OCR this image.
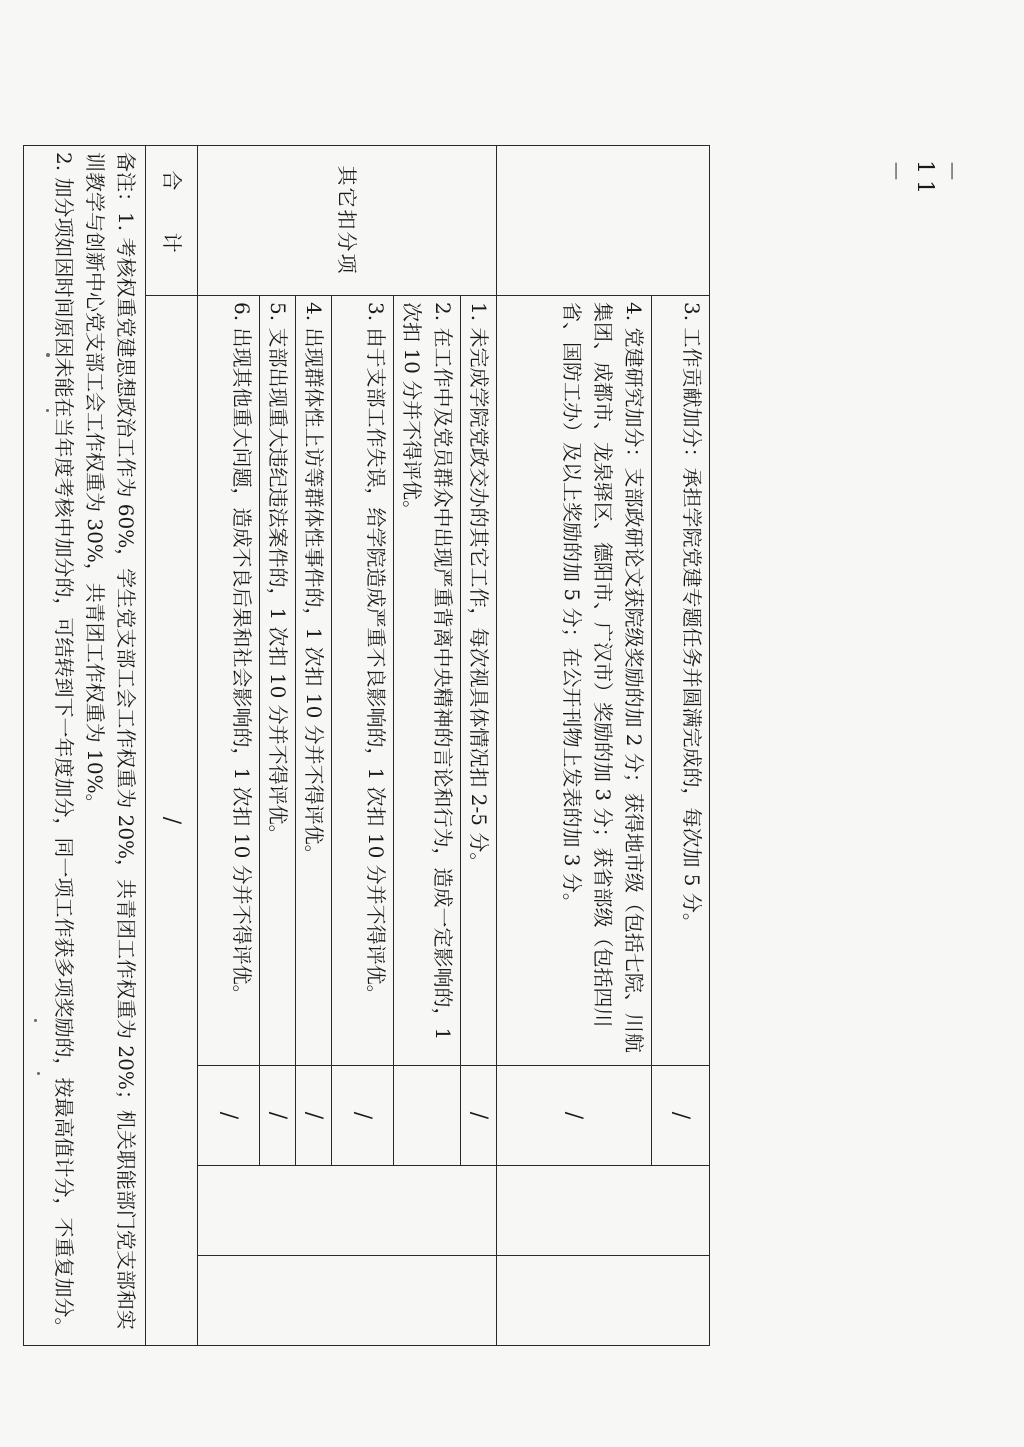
－ 11 －
	3. 工作贡献加分：承担学院党建专题任务并圆满完成的，每次加 5 分。	/		
	4. 党建研究加分：支部政研论文获院级奖励的加 2 分；获得地市级（包括七院、川航集团、成都市、龙泉驿区、德阳市、广汉市）奖励的加 3 分；获省部级（包括四川省、国防工办）及以上奖励的加 5 分；在公开刊物上发表的加 3 分。	/		
其它扣分项	1. 未完成学院党政交办的其它工作，每次视具体情况扣 2-5 分。	/		
	2. 在工作中及党员群众中出现严重背离中央精神的言论和行为，造成一定影响的，1 次扣 10 分并不得评优。			
	3. 由于支部工作失误，给学院造成严重不良影响的，1 次扣 10 分并不得评优。	/		
	4. 出现群体性上访等群体性事件的，1 次扣 10 分并不得评优。	/		
	5. 支部出现重大违纪违法案件的，1 次扣 10 分并不得评优。	/		
	6. 出现其他重大问题，造成不良后果和社会影响的，1 次扣 10 分并不得评优。	/		
合 计	/			

备注：1. 考核权重党建思想政治工作为 60%，学生党支部工会工作权重为 20%，共青团工作权重为 20%；机关职能部门党支部和实训教学与创新中心党支部工会工作权重为 30%，共青团工作权重为 10%。
2. 加分项如因时间原因未能在当年度考核中加分的，可结转到下一年度加分，同一项工作获多项奖励的，按最高值计分，不重复加分。				
